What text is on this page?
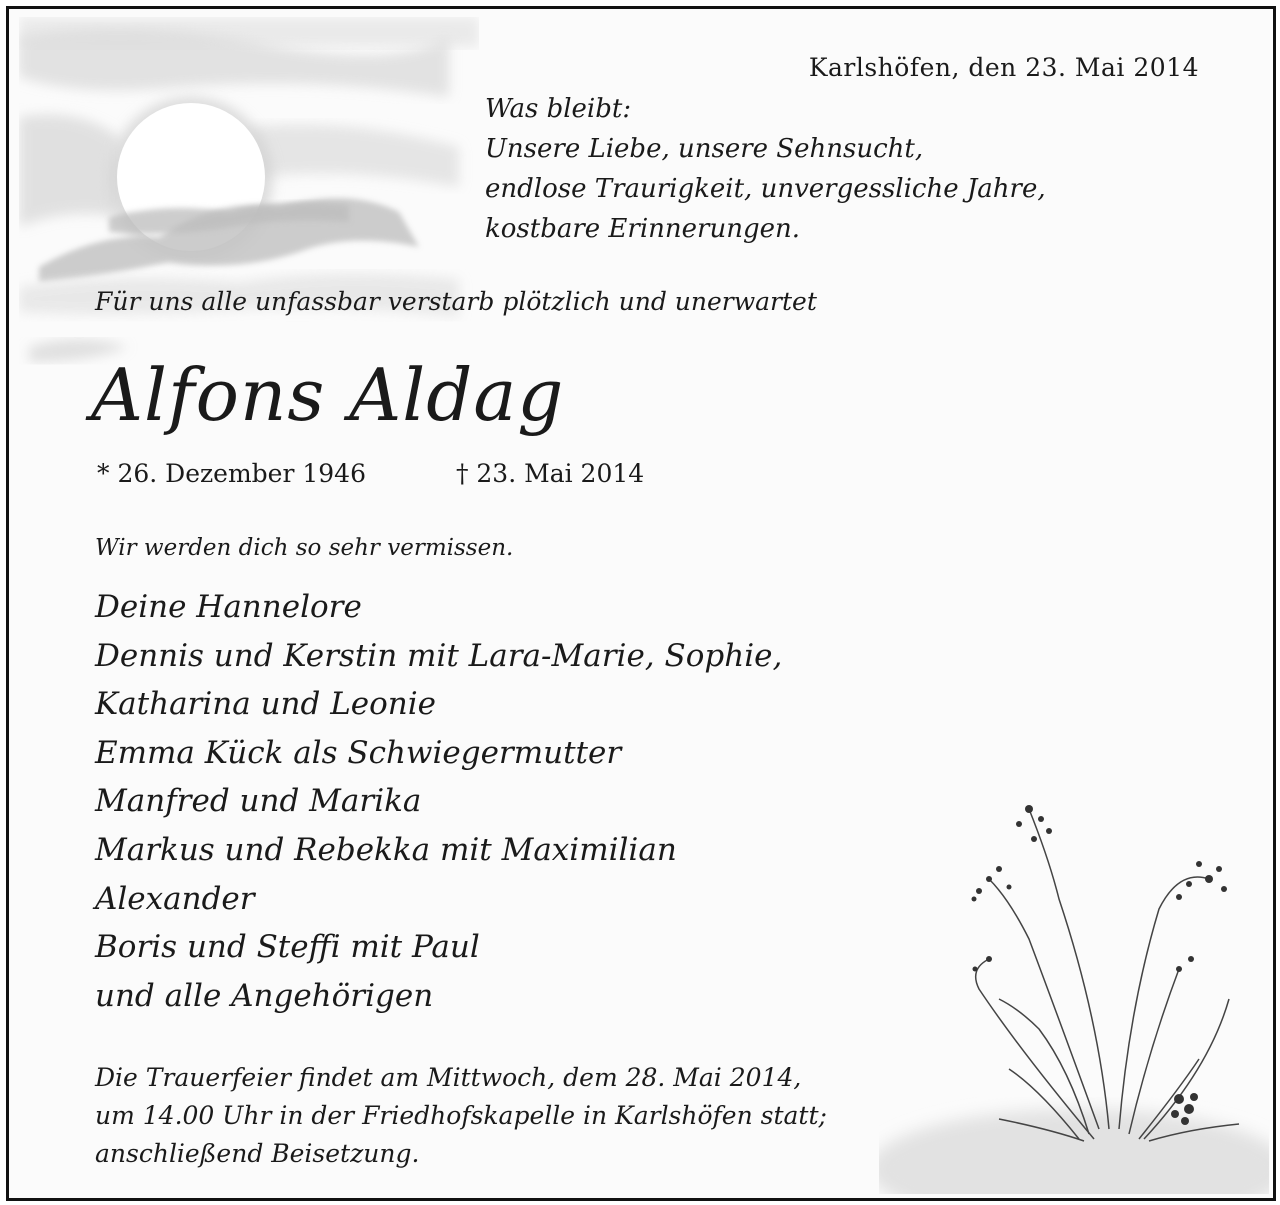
Karlshöfen, den 23. Mai 2014
Was bleibt:
Unsere Liebe, unsere Sehnsucht,
endlose Traurigkeit, unvergessliche Jahre,
kostbare Erinnerungen.
Für uns alle unfassbar verstarb plötzlich und unerwartet
Alfons Aldag
* 26. Dezember 1946	† 23. Mai 2014
Wir werden dich so sehr vermissen.
Deine Hannelore
Dennis und Kerstin mit Lara-Marie, Sophie,
Katharina und Leonie
Emma Kück als Schwiegermutter
Manfred und Marika
Markus und Rebekka mit Maximilian
Alexander
Boris und Steffi mit Paul
und alle Angehörigen
Die Trauerfeier findet am Mittwoch, dem 28. Mai 2014,
um 14.00 Uhr in der Friedhofskapelle in Karlshöfen statt;
anschließend Beisetzung.
